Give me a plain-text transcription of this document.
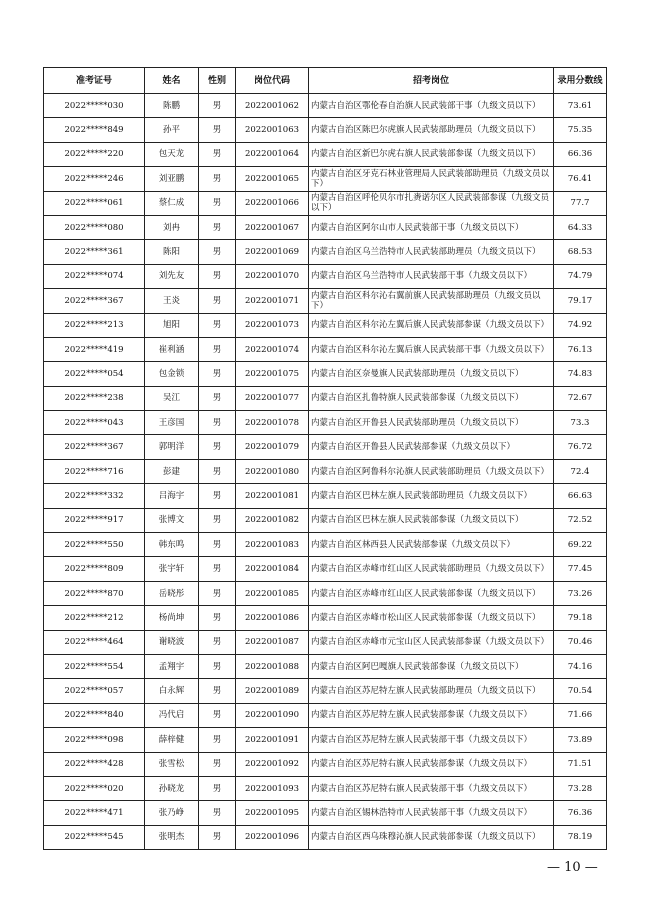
准考证号	姓名	性别	岗位代码	招考岗位	录用分数线
2022*****030	陈鹏	男	2022001062	内蒙古自治区鄂伦春自治旗人民武装部干事（九级文员以下）	73.61
2022*****849	孙平	男	2022001063	内蒙古自治区陈巴尔虎旗人民武装部助理员（九级文员以下）	75.35
2022*****220	包天龙	男	2022001064	内蒙古自治区新巴尔虎右旗人民武装部参谋（九级文员以下）	66.36
2022*****246	刘亚鹏	男	2022001065	内蒙古自治区牙克石林业管理局人民武装部助理员（九级文员以下）	76.41
2022*****061	蔡仁成	男	2022001066	内蒙古自治区呼伦贝尔市扎赉诺尔区人民武装部参谋（九级文员以下）	77.7
2022*****080	刘冉	男	2022001067	内蒙古自治区阿尔山市人民武装部干事（九级文员以下）	64.33
2022*****361	陈阳	男	2022001069	内蒙古自治区乌兰浩特市人民武装部助理员（九级文员以下）	68.53
2022*****074	刘先友	男	2022001070	内蒙古自治区乌兰浩特市人民武装部干事（九级文员以下）	74.79
2022*****367	王炎	男	2022001071	内蒙古自治区科尔沁右翼前旗人民武装部助理员（九级文员以下）	79.17
2022*****213	旭阳	男	2022001073	内蒙古自治区科尔沁左翼后旗人民武装部参谋（九级文员以下）	74.92
2022*****419	崔利涵	男	2022001074	内蒙古自治区科尔沁左翼后旗人民武装部干事（九级文员以下）	76.13
2022*****054	包金锁	男	2022001075	内蒙古自治区奈曼旗人民武装部助理员（九级文员以下）	74.83
2022*****238	吴江	男	2022001077	内蒙古自治区扎鲁特旗人民武装部参谋（九级文员以下）	72.67
2022*****043	王彦国	男	2022001078	内蒙古自治区开鲁县人民武装部助理员（九级文员以下）	73.3
2022*****367	郭明洋	男	2022001079	内蒙古自治区开鲁县人民武装部参谋（九级文员以下）	76.72
2022*****716	彭建	男	2022001080	内蒙古自治区阿鲁科尔沁旗人民武装部助理员（九级文员以下）	72.4
2022*****332	吕海宇	男	2022001081	内蒙古自治区巴林左旗人民武装部助理员（九级文员以下）	66.63
2022*****917	张博文	男	2022001082	内蒙古自治区巴林左旗人民武装部参谋（九级文员以下）	72.52
2022*****550	韩东鸣	男	2022001083	内蒙古自治区林西县人民武装部参谋（九级文员以下）	69.22
2022*****809	张宇轩	男	2022001084	内蒙古自治区赤峰市红山区人民武装部助理员（九级文员以下）	77.45
2022*****870	岳晓彤	男	2022001085	内蒙古自治区赤峰市红山区人民武装部参谋（九级文员以下）	73.26
2022*****212	杨尚坤	男	2022001086	内蒙古自治区赤峰市松山区人民武装部参谋（九级文员以下）	79.18
2022*****464	谢晓波	男	2022001087	内蒙古自治区赤峰市元宝山区人民武装部参谋（九级文员以下）	70.46
2022*****554	孟翔宇	男	2022001088	内蒙古自治区阿巴嘎旗人民武装部参谋（九级文员以下）	74.16
2022*****057	白永辉	男	2022001089	内蒙古自治区苏尼特左旗人民武装部助理员（九级文员以下）	70.54
2022*****840	冯代启	男	2022001090	内蒙古自治区苏尼特左旗人民武装部参谋（九级文员以下）	71.66
2022*****098	薛梓健	男	2022001091	内蒙古自治区苏尼特左旗人民武装部干事（九级文员以下）	73.89
2022*****428	张雪松	男	2022001092	内蒙古自治区苏尼特右旗人民武装部参谋（九级文员以下）	71.51
2022*****020	孙晓龙	男	2022001093	内蒙古自治区苏尼特右旗人民武装部干事（九级文员以下）	73.28
2022*****471	张乃峥	男	2022001095	内蒙古自治区锡林浩特市人民武装部干事（九级文员以下）	76.36
2022*****545	张明杰	男	2022001096	内蒙古自治区西乌珠穆沁旗人民武装部参谋（九级文员以下）	78.19
— 10 —
